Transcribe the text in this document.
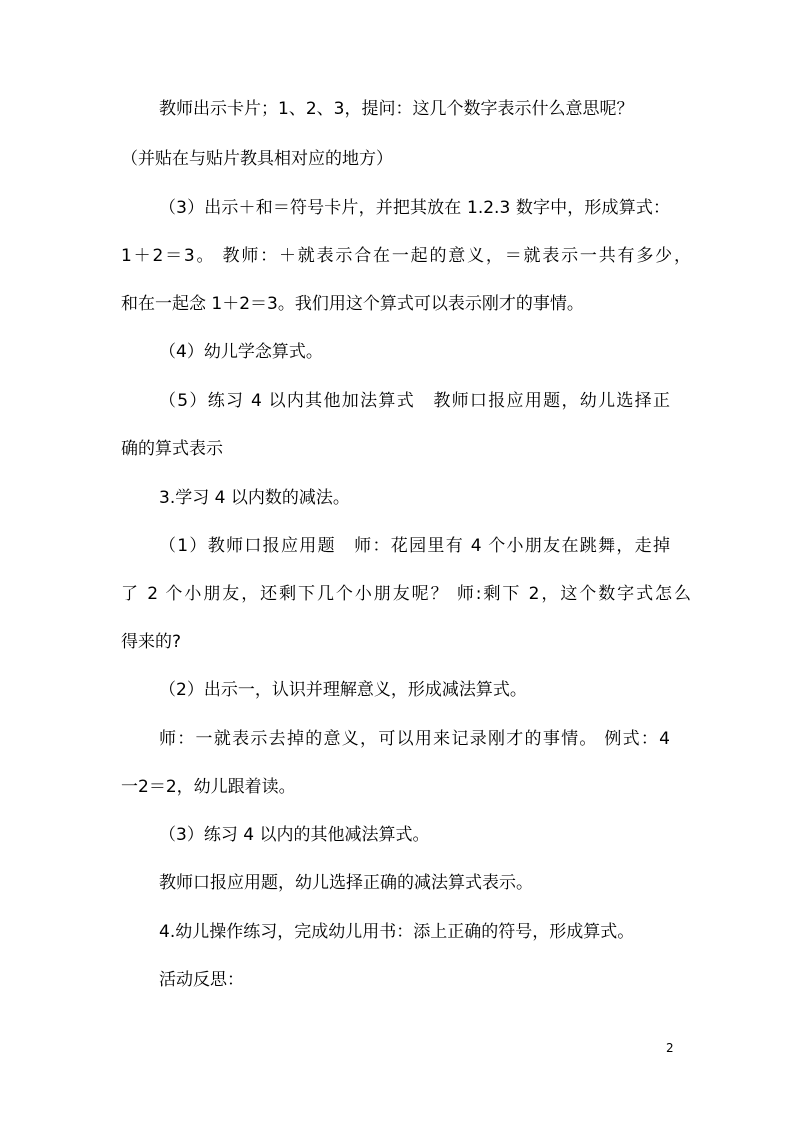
教师出示卡片；1、2、3，提问：这几个数字表示什么意思呢？
（并贴在与贴片教具相对应的地方）
（3）出示＋和＝符号卡片，并把其放在 1.2.3 数字中，形成算式：
1＋2＝3。 教师：＋就表示合在一起的意义，＝就表示一共有多少，
和在一起念 1＋2＝3。我们用这个算式可以表示刚才的事情。
（4）幼儿学念算式。
（5）练习 4 以内其他加法算式　教师口报应用题，幼儿选择正
确的算式表示
3.学习 4 以内数的减法。
（1）教师口报应用题　师：花园里有 4 个小朋友在跳舞，走掉
了 2 个小朋友，还剩下几个小朋友呢？ 师:剩下 2，这个数字式怎么
得来的?
（2）出示一，认识并理解意义，形成减法算式。
师：一就表示去掉的意义，可以用来记录刚才的事情。 例式：4
一2＝2，幼儿跟着读。
（3）练习 4 以内的其他减法算式。
教师口报应用题，幼儿选择正确的减法算式表示。
4.幼儿操作练习，完成幼儿用书：添上正确的符号，形成算式。
活动反思：
2
